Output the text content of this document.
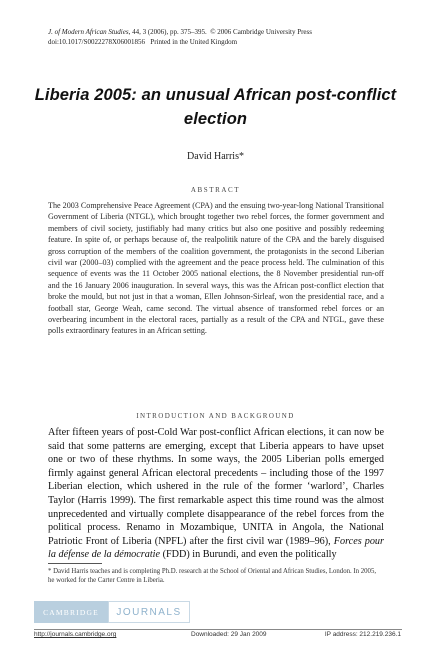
J. of Modern African Studies, 44, 3 (2006), pp. 375–395. © 2006 Cambridge University Press
doi:10.1017/S0022278X06001856 Printed in the United Kingdom
Liberia 2005: an unusual African post-conflict election
David Harris*
ABSTRACT
The 2003 Comprehensive Peace Agreement (CPA) and the ensuing two-year-long National Transitional Government of Liberia (NTGL), which brought together two rebel forces, the former government and members of civil society, justifiably had many critics but also one positive and possibly redeeming feature. In spite of, or perhaps because of, the realpolitik nature of the CPA and the barely disguised gross corruption of the members of the coalition government, the protagonists in the second Liberian civil war (2000–03) complied with the agreement and the peace process held. The culmination of this sequence of events was the 11 October 2005 national elections, the 8 November presidential run-off and the 16 January 2006 inauguration. In several ways, this was the African post-conflict election that broke the mould, but not just in that a woman, Ellen Johnson-Sirleaf, won the presidential race, and a football star, George Weah, came second. The virtual absence of transformed rebel forces or an overbearing incumbent in the electoral races, partially as a result of the CPA and NTGL, gave these polls extraordinary features in an African setting.
INTRODUCTION AND BACKGROUND
After fifteen years of post-Cold War post-conflict African elections, it can now be said that some patterns are emerging, except that Liberia appears to have upset one or two of these rhythms. In some ways, the 2005 Liberian polls emerged firmly against general African electoral precedents – including those of the 1997 Liberian election, which ushered in the rule of the former ‘warlord’, Charles Taylor (Harris 1999). The first remarkable aspect this time round was the almost unprecedented and virtually complete disappearance of the rebel forces from the political process. Renamo in Mozambique, UNITA in Angola, the National Patriotic Front of Liberia (NPFL) after the first civil war (1989–96), Forces pour la défense de la démocratie (FDD) in Burundi, and even the politically
* David Harris teaches and is completing Ph.D. research at the School of Oriental and African Studies, London. In 2005, he worked for the Carter Centre in Liberia.
CAMBRIDGE	JOURNALS
http://journals.cambridge.org	Downloaded: 29 Jan 2009	IP address: 212.219.236.1
